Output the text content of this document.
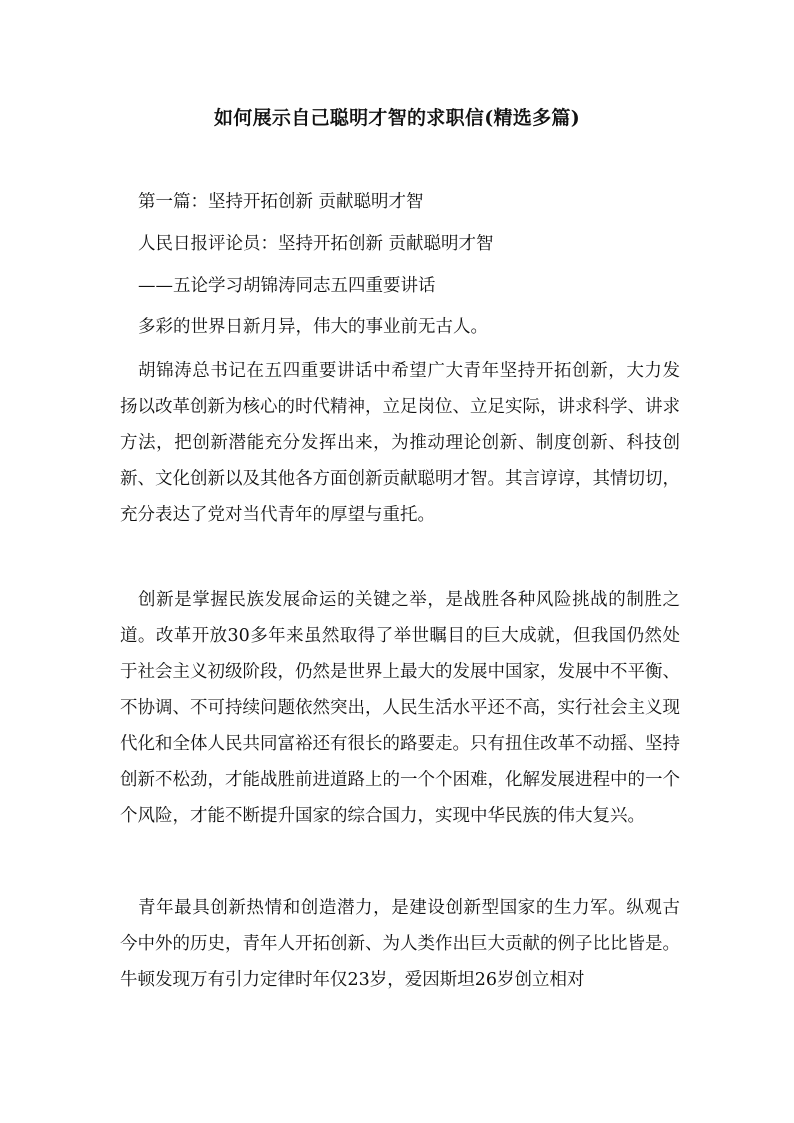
如何展示自己聪明才智的求职信(精选多篇)
第一篇：坚持开拓创新 贡献聪明才智
人民日报评论员：坚持开拓创新 贡献聪明才智
——五论学习胡锦涛同志五四重要讲话
多彩的世界日新月异，伟大的事业前无古人。
胡锦涛总书记在五四重要讲话中希望广大青年坚持开拓创新，大力发扬以改革创新为核心的时代精神，立足岗位、立足实际，讲求科学、讲求方法，把创新潜能充分发挥出来，为推动理论创新、制度创新、科技创新、文化创新以及其他各方面创新贡献聪明才智。其言谆谆，其情切切，充分表达了党对当代青年的厚望与重托。
创新是掌握民族发展命运的关键之举，是战胜各种风险挑战的制胜之道。改革开放30多年来虽然取得了举世瞩目的巨大成就，但我国仍然处于社会主义初级阶段，仍然是世界上最大的发展中国家，发展中不平衡、不协调、不可持续问题依然突出，人民生活水平还不高，实行社会主义现代化和全体人民共同富裕还有很长的路要走。只有扭住改革不动摇、坚持创新不松劲，才能战胜前进道路上的一个个困难，化解发展进程中的一个个风险，才能不断提升国家的综合国力，实现中华民族的伟大复兴。
青年最具创新热情和创造潜力，是建设创新型国家的生力军。纵观古今中外的历史，青年人开拓创新、为人类作出巨大贡献的例子比比皆是。牛顿发现万有引力定律时年仅23岁，爱因斯坦26岁创立相对
